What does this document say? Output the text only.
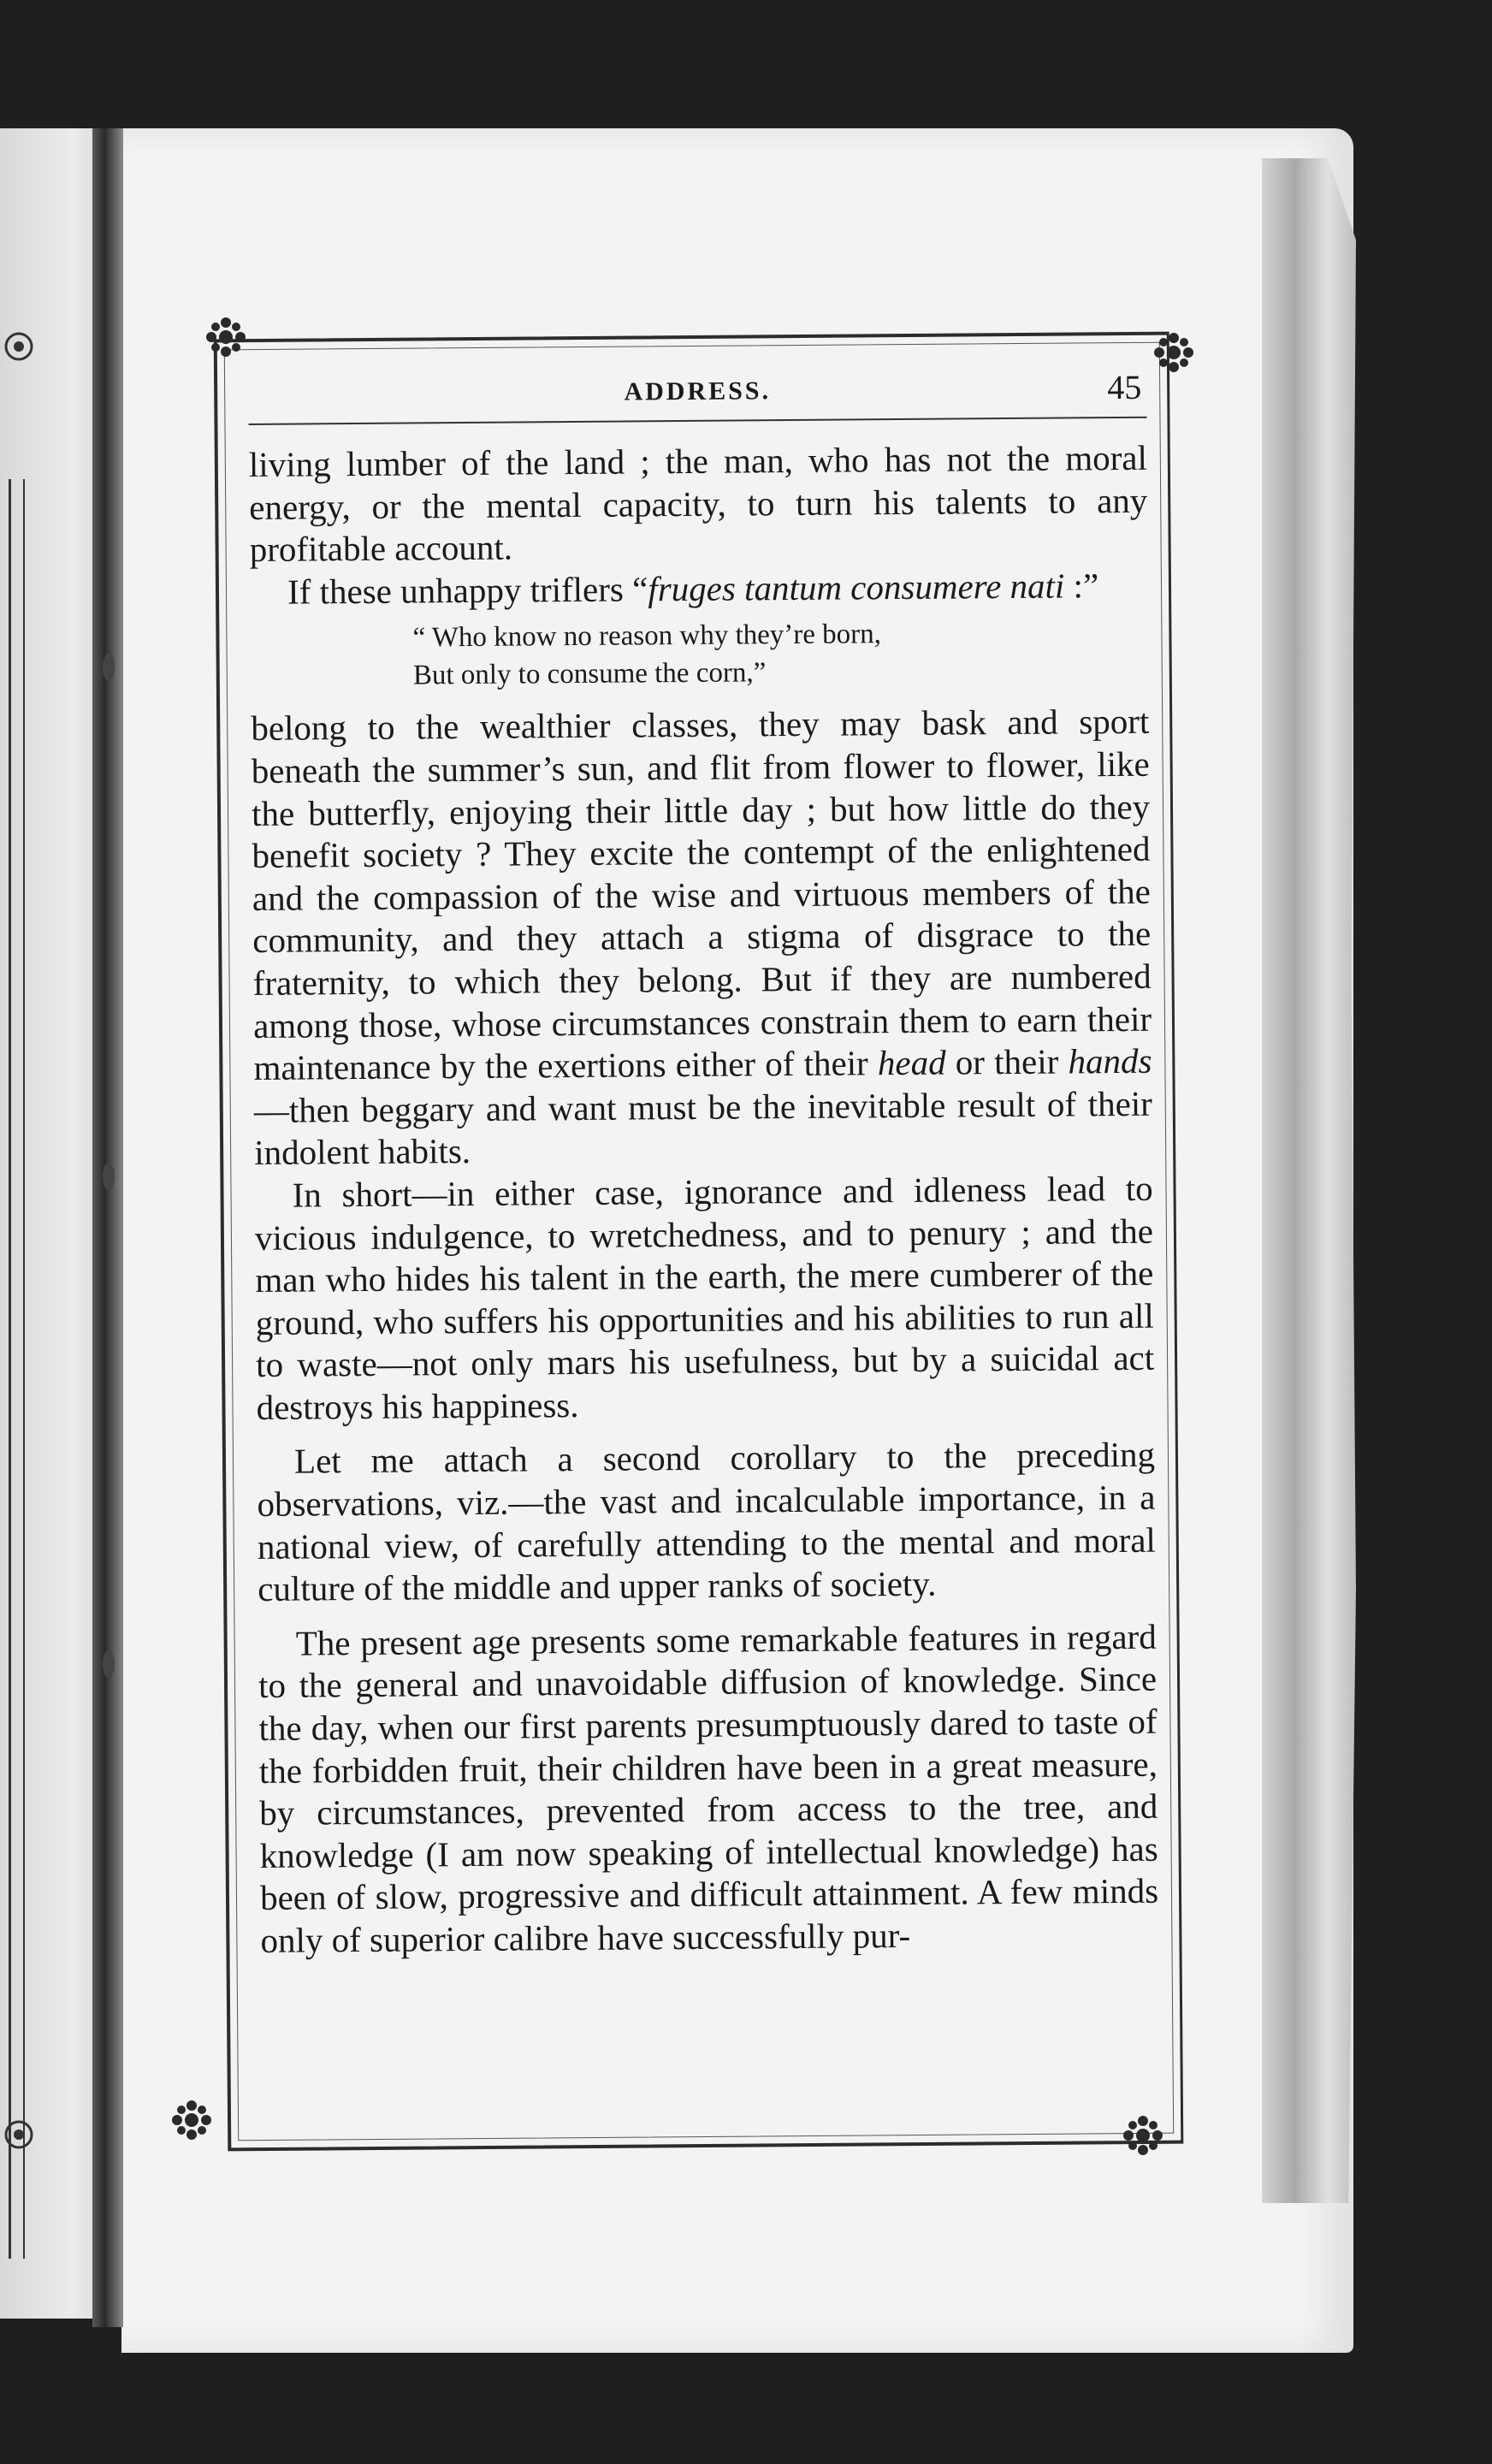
ADDRESS.	45

living lumber of the land ; the man, who has not the moral energy, or the mental capacity, to turn his talents to any profitable account.

If these unhappy triflers “fruges tantum consumere nati :”

“ Who know no reason why they’re born,
But only to consume the corn,”

belong to the wealthier classes, they may bask and sport beneath the summer’s sun, and flit from flower to flower, like the butterfly, enjoying their little day ; but how little do they benefit society ? They excite the contempt of the enlightened and the compassion of the wise and virtuous members of the community, and they attach a stigma of disgrace to the fraternity, to which they belong. But if they are numbered among those, whose circumstances constrain them to earn their maintenance by the exertions either of their head or their hands—then beggary and want must be the inevitable result of their indolent habits.

In short—in either case, ignorance and idleness lead to vicious indulgence, to wretchedness, and to penury ; and the man who hides his talent in the earth, the mere cumberer of the ground, who suffers his opportunities and his abilities to run all to waste—not only mars his usefulness, but by a suicidal act destroys his happiness.

Let me attach a second corollary to the preceding observations, viz.—the vast and incalculable importance, in a national view, of carefully attending to the mental and moral culture of the middle and upper ranks of society.

The present age presents some remarkable features in regard to the general and unavoidable diffusion of knowledge. Since the day, when our first parents presumptuously dared to taste of the forbidden fruit, their children have been in a great measure, by circumstances, prevented from access to the tree, and knowledge (I am now speaking of intellectual knowledge) has been of slow, progressive and difficult attainment. A few minds only of superior calibre have successfully pur-
